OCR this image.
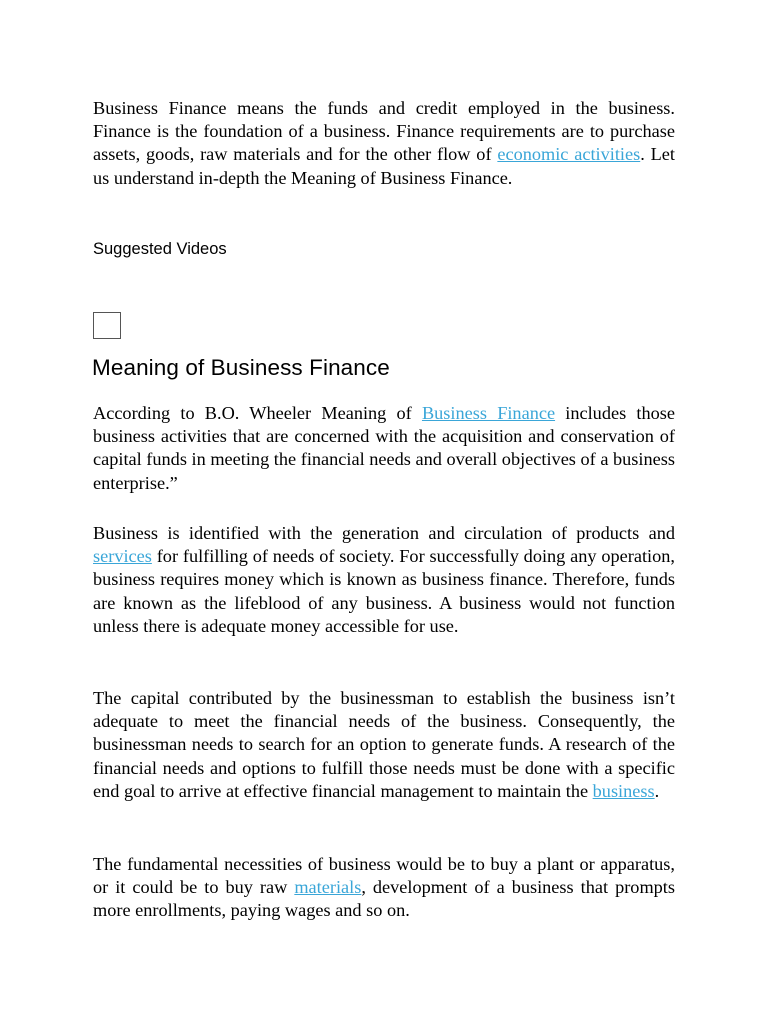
Business Finance means the funds and credit employed in the business. Finance is the foundation of a business. Finance requirements are to purchase assets, goods, raw materials and for the other flow of economic activities. Let us understand in-depth the Meaning of Business Finance.

Suggested Videos

Meaning of Business Finance

According to B.O. Wheeler Meaning of Business Finance includes those business activities that are concerned with the acquisition and conservation of capital funds in meeting the financial needs and overall objectives of a business enterprise.”

Business is identified with the generation and circulation of products and services for fulfilling of needs of society. For successfully doing any operation, business requires money which is known as business finance. Therefore, funds are known as the lifeblood of any business. A business would not function unless there is adequate money accessible for use.

The capital contributed by the businessman to establish the business isn’t adequate to meet the financial needs of the business. Consequently, the businessman needs to search for an option to generate funds. A research of the financial needs and options to fulfill those needs must be done with a specific end goal to arrive at effective financial management to maintain the business.

The fundamental necessities of business would be to buy a plant or apparatus, or it could be to buy raw materials, development of a business that prompts more enrollments, paying wages and so on.
